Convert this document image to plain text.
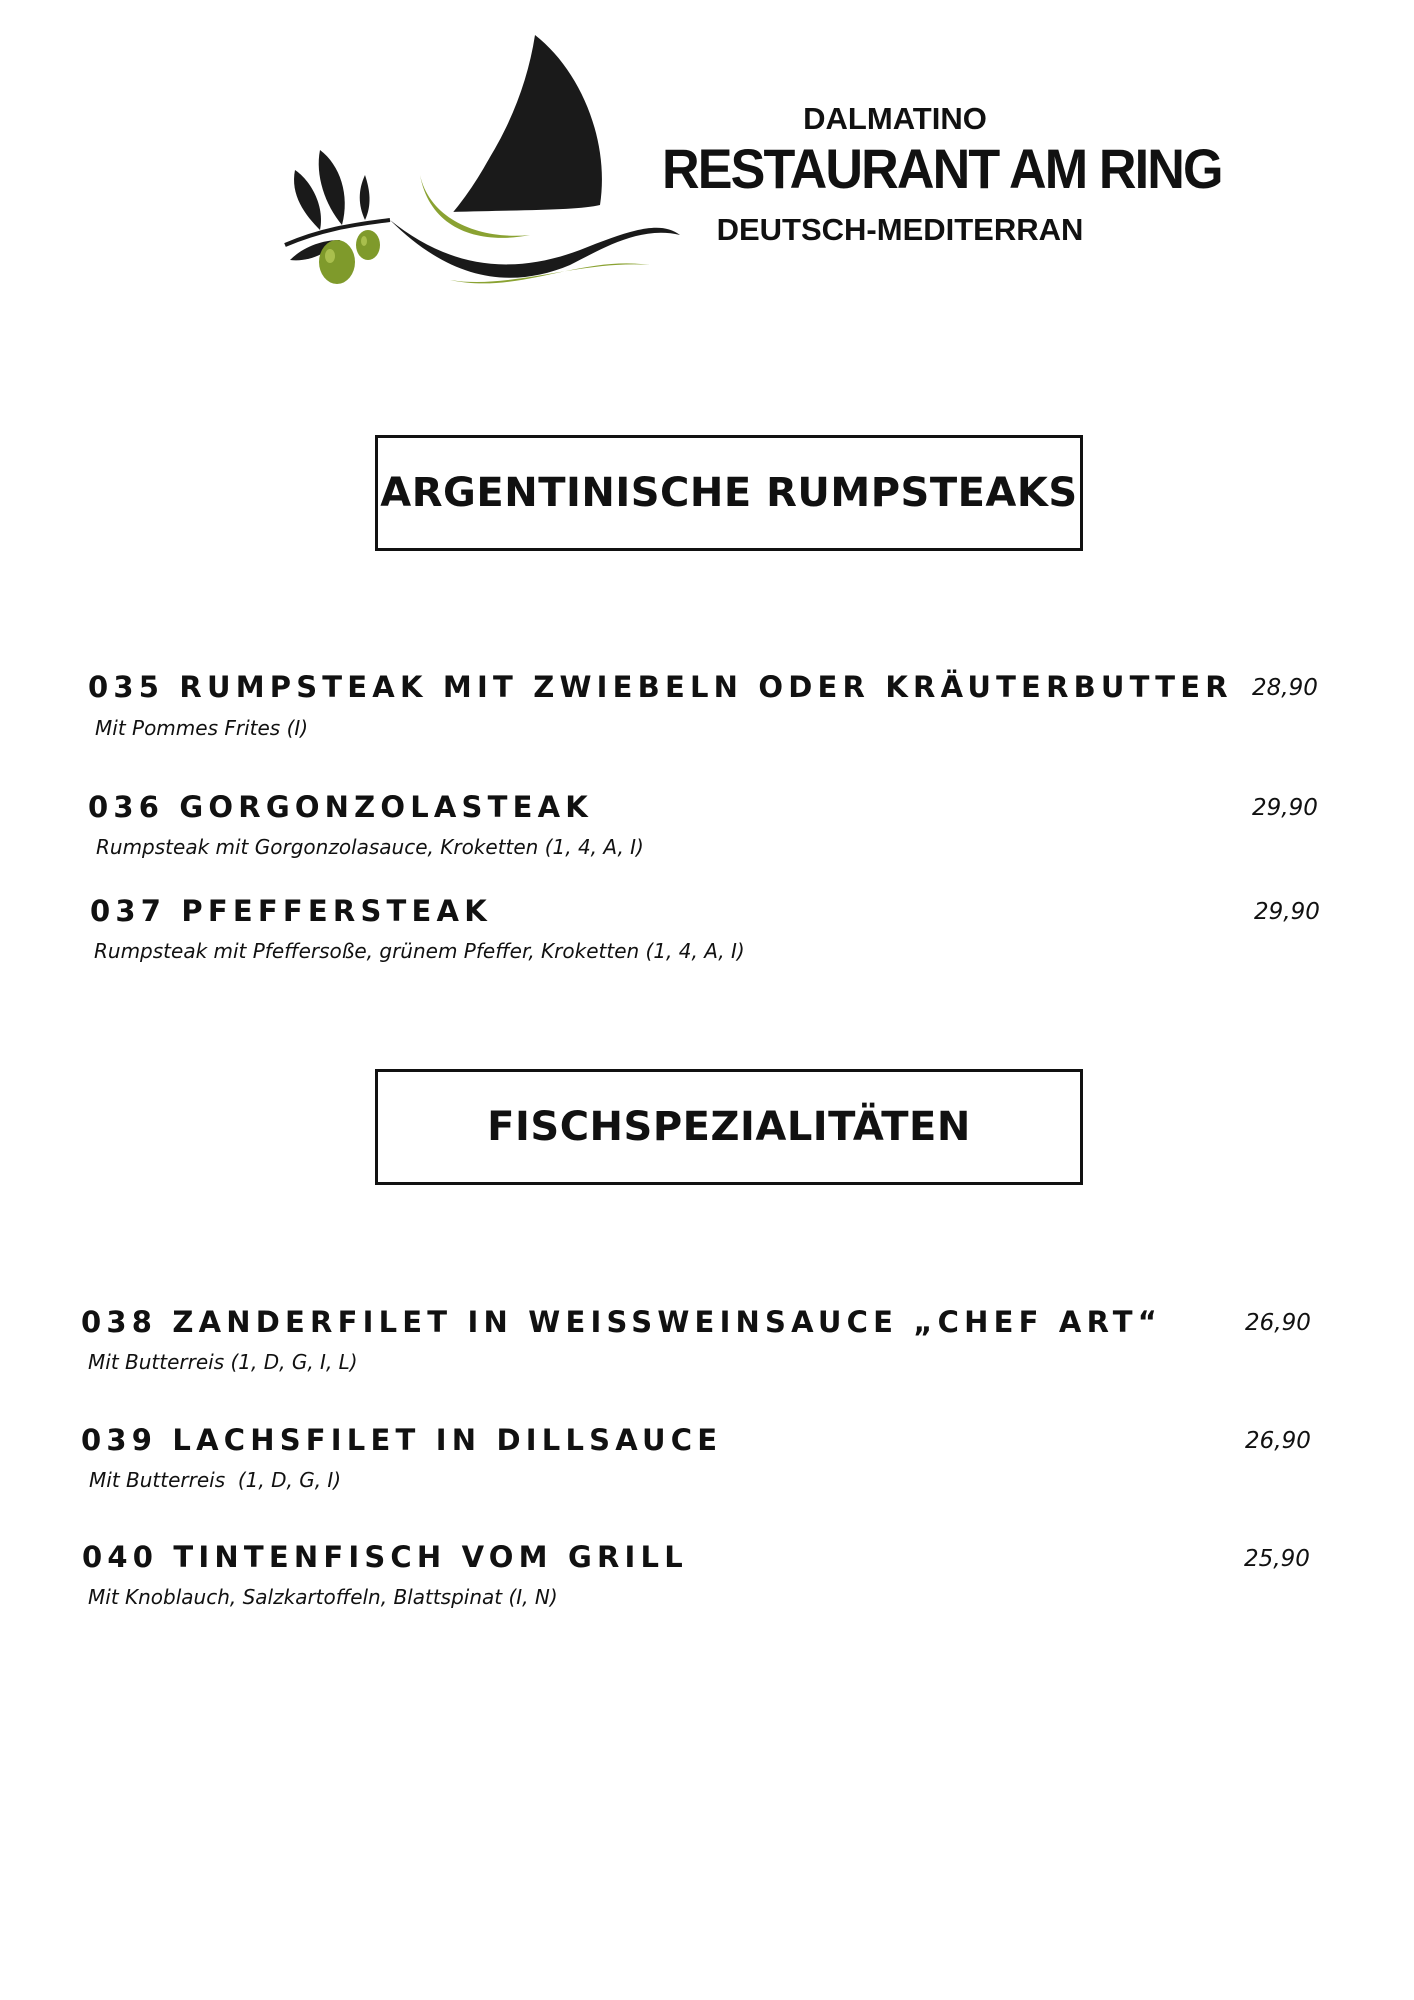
DALMATINO
RESTAURANT AM RING
DEUTSCH-MEDITERRAN
ARGENTINISCHE RUMPSTEAKS
035 RUMPSTEAK MIT ZWIEBELN ODER KRÄUTERBUTTER 28,90
Mit Pommes Frites (I)
036 GORGONZOLASTEAK	29,90
Rumpsteak mit Gorgonzolasauce, Kroketten (1, 4, A, I)
037 PFEFFERSTEAK	29,90
Rumpsteak mit Pfeffersoße, grünem Pfeffer, Kroketten (1, 4, A, I)
FISCHSPEZIALITÄTEN
038 ZANDERFILET IN WEISSWEINSAUCE „CHEF ART“	26,90
Mit Butterreis (1, D, G, I, L)
039 LACHSFILET IN DILLSAUCE	26,90
Mit Butterreis  (1, D, G, I)
040 TINTENFISCH VOM GRILL	25,90
Mit Knoblauch, Salzkartoffeln, Blattspinat (I, N)
